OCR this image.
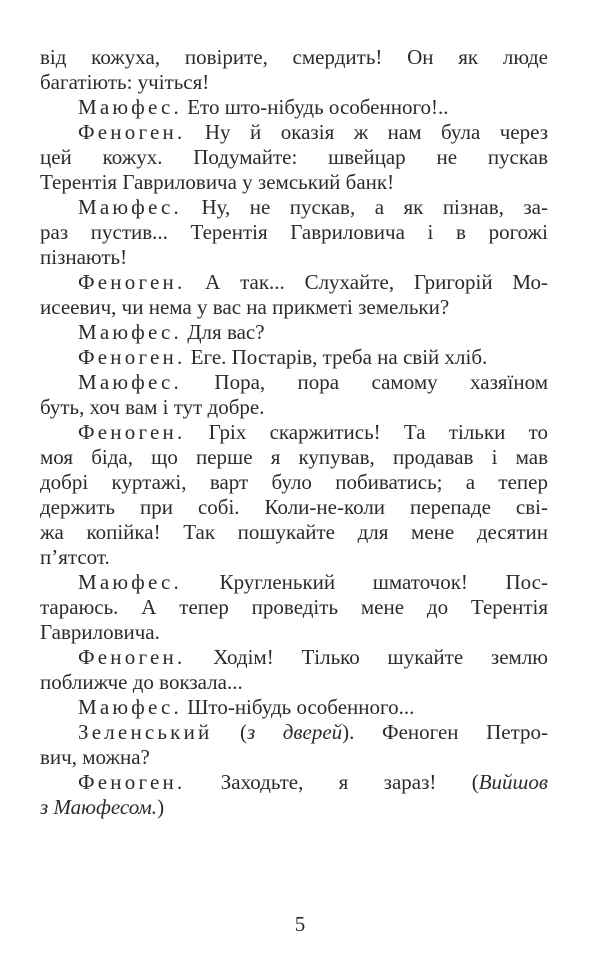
від кожуха, повірите, смердить! Он як люде
багатіють: учіться!
Маюфес. Ето што-нібудь особенного!..
Феноген. Ну й оказія ж нам була через
цей кожух. Подумайте: швейцар не пускав
Терентія Гавриловича у земський банк!
Маюфес. Ну, не пускав, а як пізнав, за-
раз пустив... Терентія Гавриловича і в рогожі
пізнають!
Феноген. А так... Слухайте, Григорій Мо-
исеевич, чи нема у вас на прикметі земельки?
Маюфес. Для вас?
Феноген. Еге. Постарів, треба на свій хліб.
Маюфес. Пора, пора самому хазяїном
буть, хоч вам і тут добре.
Феноген. Гріх скаржитись! Та тільки то
моя біда, що перше я купував, продавав і мав
добрі куртажі, варт було побиватись; а тепер
держить при собі. Коли-не-коли перепаде сві-
жа копійка! Так пошукайте для мене десятин
п’ятсот.
Маюфес. Кругленький шматочок! Пос-
тараюсь. А тепер проведіть мене до Терентія
Гавриловича.
Феноген. Ходім! Тілько шукайте землю
поближче до вокзала...
Маюфес. Што-нібудь особенного...
Зеленський (з дверей). Феноген Петро-
вич, можна?
Феноген. Заходьте, я зараз! (Вийшов
з Маюфесом.)
5
